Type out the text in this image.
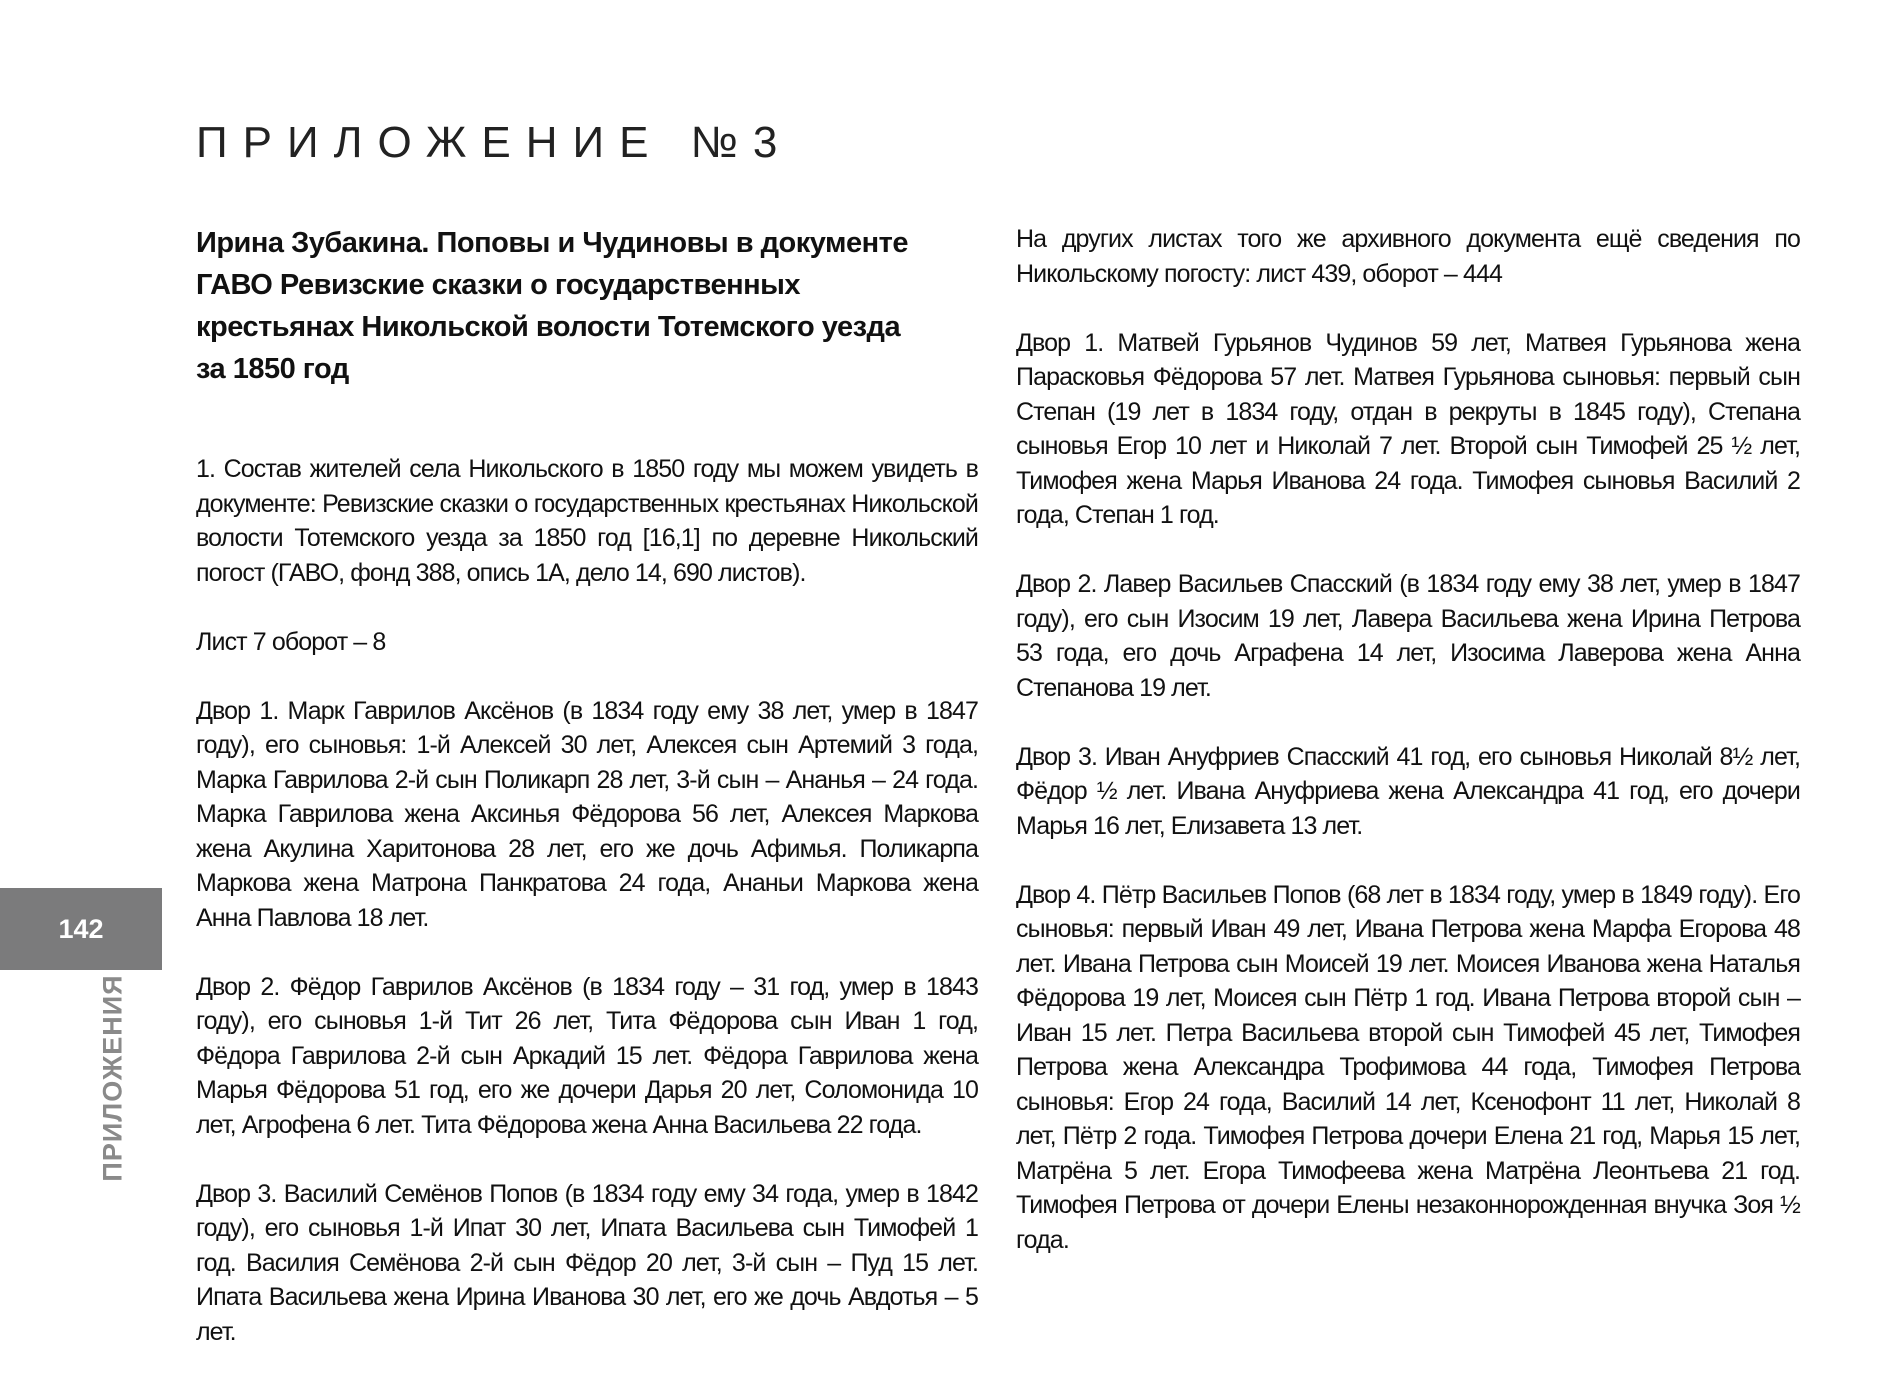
ПРИЛОЖЕНИЕ №3
Ирина Зубакина. Поповы и Чудиновы в документе ГАВО Ревизские сказки о государственных крестьянах Никольской волости Тотемского уезда за 1850 год

1. Состав жителей села Никольского в 1850 году мы можем увидеть в документе: Ревизские сказки о государственных крестьянах Никольской волости Тотемского уезда за 1850 год [16,1] по деревне Никольский погост (ГАВО, фонд 388, опись 1А, дело 14, 690 листов).

Лист 7 оборот – 8

Двор 1. Марк Гаврилов Аксёнов (в 1834 году ему 38 лет, умер в 1847 году), его сыновья: 1-й Алексей 30 лет, Алексея сын Артемий 3 года, Марка Гаврилова 2-й сын Поликарп 28 лет, 3-й сын – Ананья – 24 года. Марка Гаврилова жена Аксинья Фёдорова 56 лет, Алексея Маркова жена Акулина Харитонова 28 лет, его же дочь Афимья. Поликарпа Маркова жена Матрона Панкратова 24 года, Ананьи Маркова жена Анна Павлова 18 лет.

Двор 2. Фёдор Гаврилов Аксёнов (в 1834 году – 31 год, умер в 1843 году), его сыновья 1-й Тит 26 лет, Тита Фёдорова сын Иван 1 год, Фёдора Гаврилова 2-й сын Аркадий 15 лет. Фёдора Гаврилова жена Марья Фёдорова 51 год, его же дочери Дарья 20 лет, Соломонида 10 лет, Агрофена 6 лет. Тита Фёдорова жена Анна Васильева 22 года.

Двор 3. Василий Семёнов Попов (в 1834 году ему 34 года, умер в 1842 году), его сыновья 1-й Ипат 30 лет, Ипата Васильева сын Тимофей 1 год. Василия Семёнова 2-й сын Фёдор 20 лет, 3-й сын – Пуд 15 лет. Ипата Васильева жена Ирина Иванова 30 лет, его же дочь Авдотья – 5 лет.

На других листах того же архивного документа ещё сведения по Никольскому погосту: лист 439, оборот – 444

Двор 1. Матвей Гурьянов Чудинов 59 лет, Матвея Гурьянова жена Парасковья Фёдорова 57 лет. Матвея Гурьянова сыновья: первый сын Степан (19 лет в 1834 году, отдан в рекруты в 1845 году), Степана сыновья Егор 10 лет и Николай 7 лет. Второй сын Тимофей 25 ½ лет, Тимофея жена Марья Иванова 24 года. Тимофея сыновья Василий 2 года, Степан 1 год.

Двор 2. Лавер Васильев Спасский (в 1834 году ему 38 лет, умер в 1847 году), его сын Изосим 19 лет, Лавера Васильева жена Ирина Петрова 53 года, его дочь Аграфена 14 лет, Изосима Лаверова жена Анна Степанова 19 лет.

Двор 3. Иван Ануфриев Спасский 41 год, его сыновья Николай 8½ лет, Фёдор ½ лет. Ивана Ануфриева жена Александра 41 год, его дочери Марья 16 лет, Елизавета 13 лет.

Двор 4. Пётр Васильев Попов (68 лет в 1834 году, умер в 1849 году). Его сыновья: первый Иван 49 лет, Ивана Петрова жена Марфа Егорова 48 лет. Ивана Петрова сын Моисей 19 лет. Моисея Иванова жена Наталья Фёдорова 19 лет, Моисея сын Пётр 1 год. Ивана Петрова второй сын – Иван 15 лет. Петра Васильева второй сын Тимофей 45 лет, Тимофея Петрова жена Александра Трофимова 44 года, Тимофея Петрова сыновья: Егор 24 года, Василий 14 лет, Ксенофонт 11 лет, Николай 8 лет, Пётр 2 года. Тимофея Петрова дочери Елена 21 год, Марья 15 лет, Матрёна 5 лет. Егора Тимофеева жена Матрёна Леонтьева 21 год. Тимофея Петрова от дочери Елены незаконнорожденная внучка Зоя ½ года.

142
ПРИЛОЖЕНИЯ
